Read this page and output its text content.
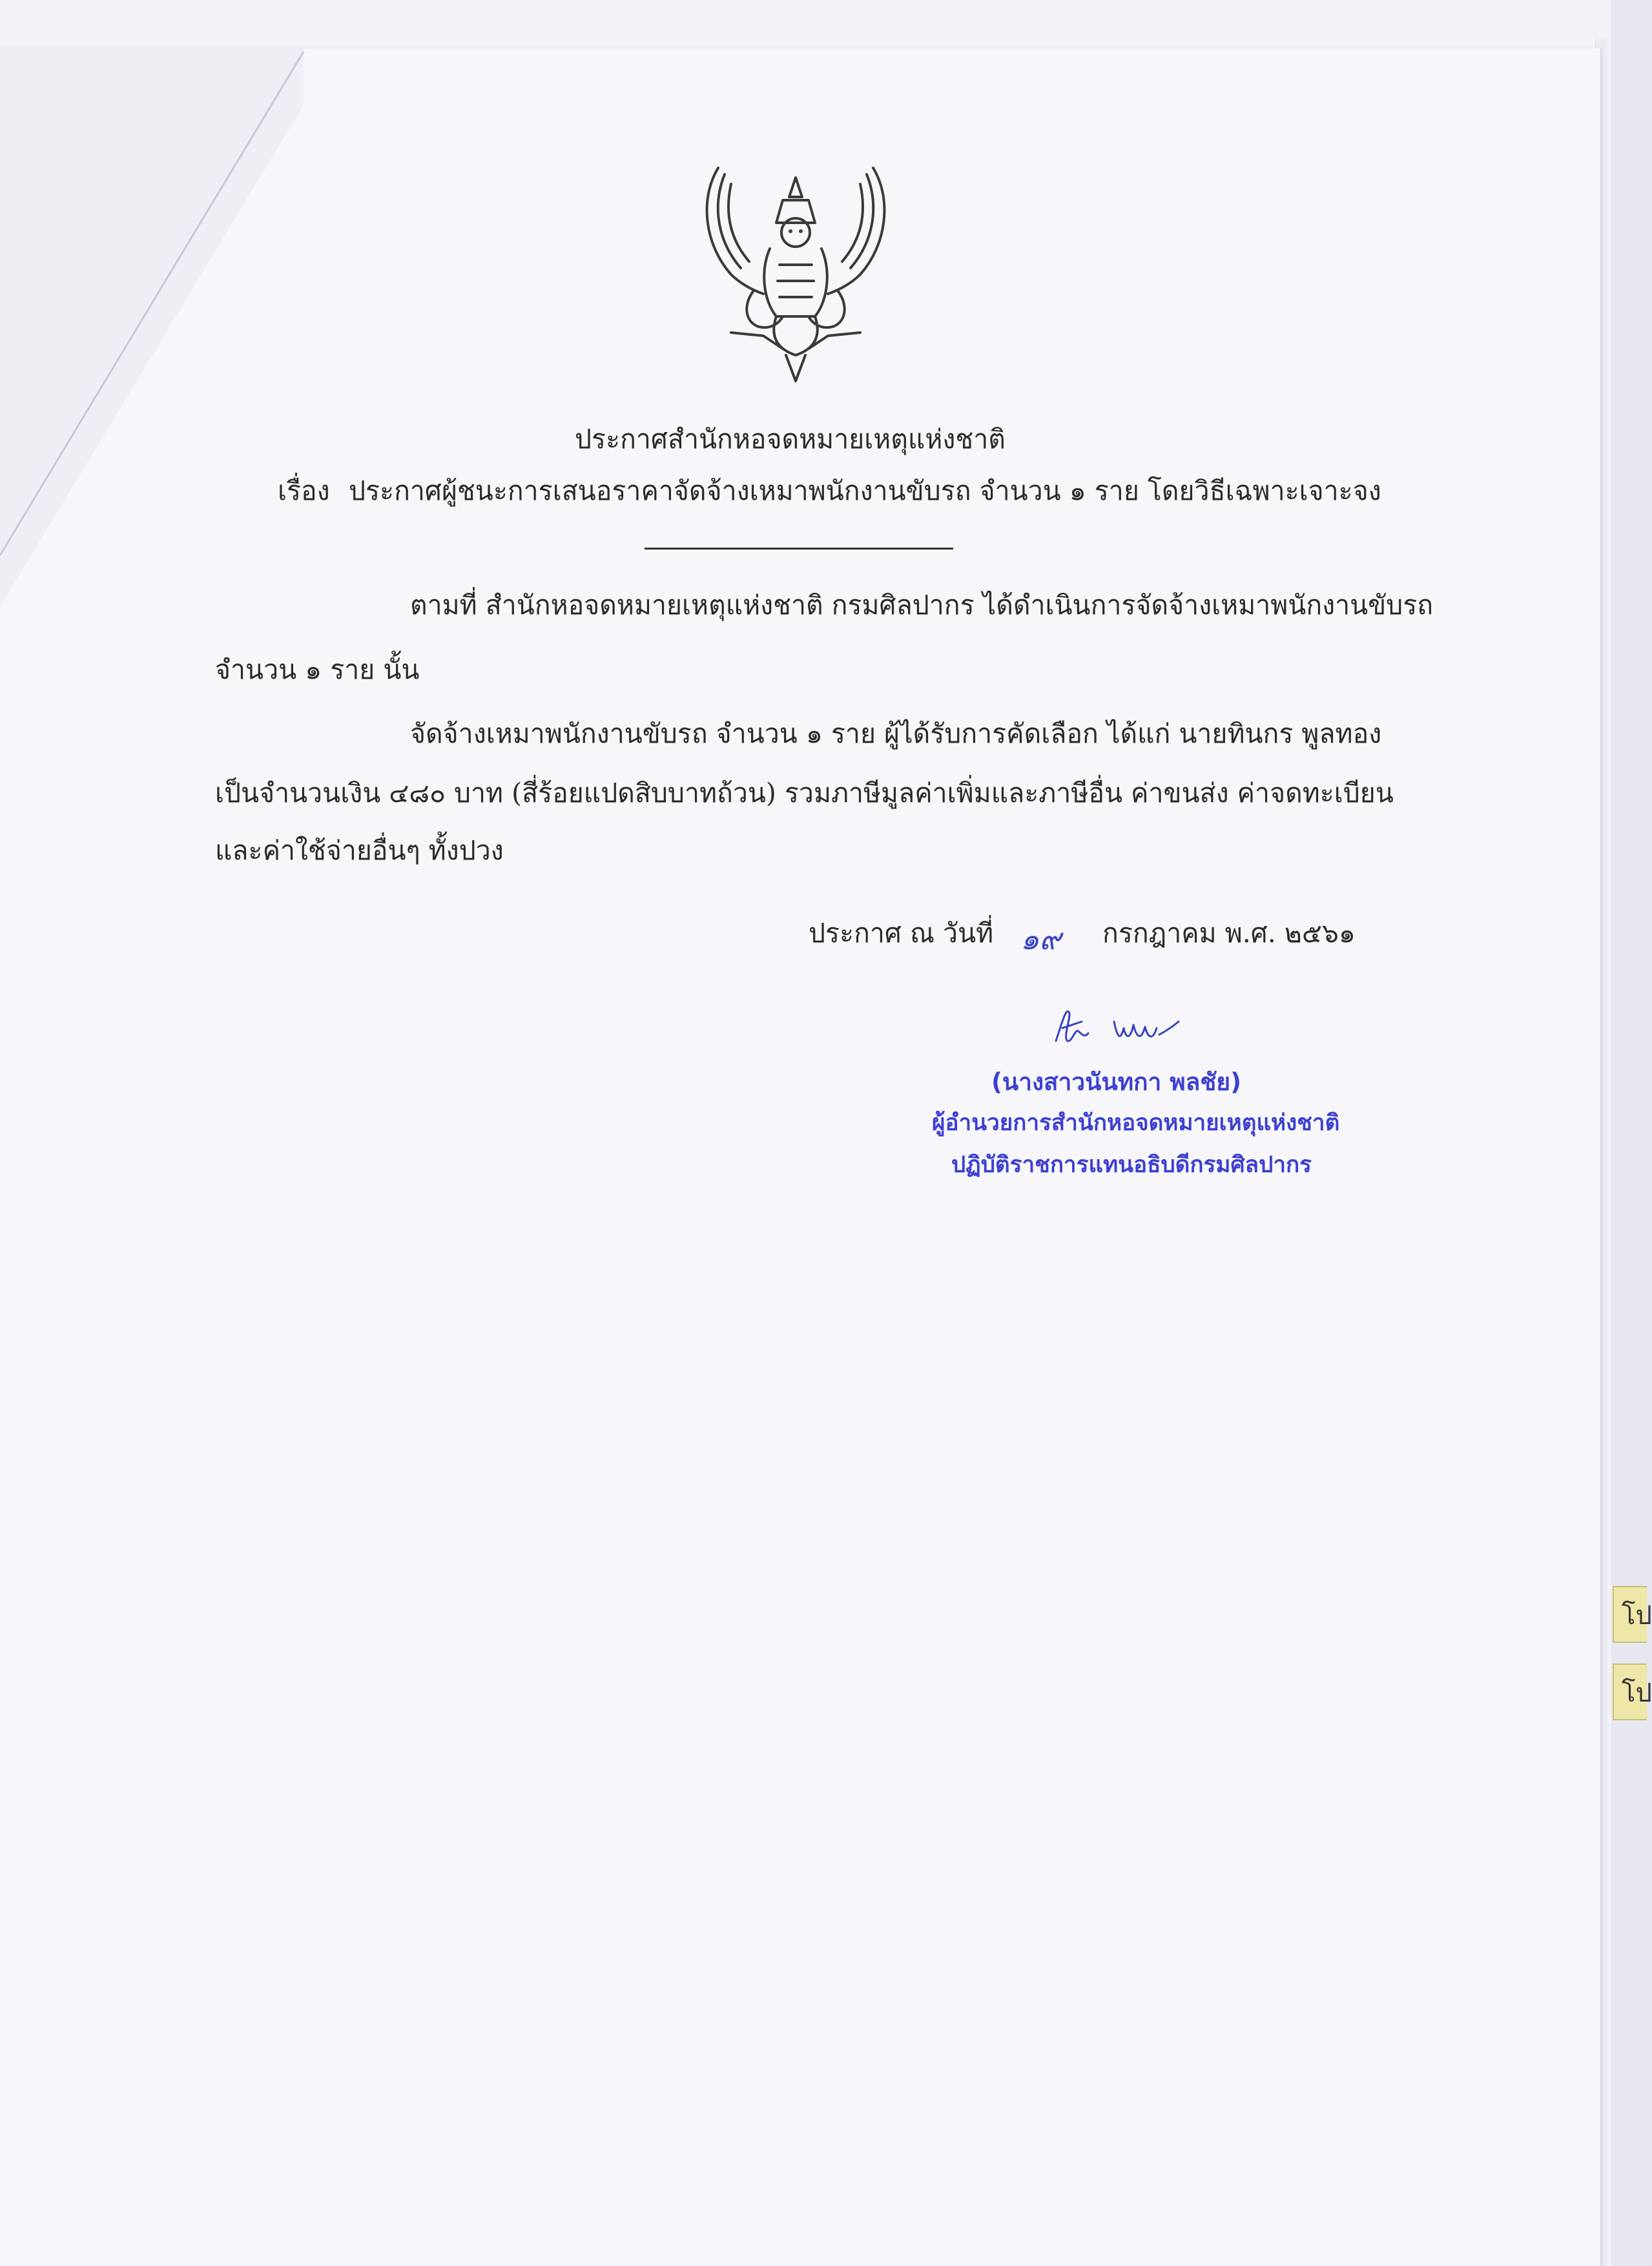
โป
โป
ประกาศสำนักหอจดหมายเหตุแห่งชาติ
เรื่อง ประกาศผู้ชนะการเสนอราคาจัดจ้างเหมาพนักงานขับรถ จำนวน ๑ ราย โดยวิธีเฉพาะเจาะจง
ตามที่ สำนักหอจดหมายเหตุแห่งชาติ กรมศิลปากร ได้ดำเนินการจัดจ้างเหมาพนักงานขับรถ
จำนวน ๑ ราย นั้น
จัดจ้างเหมาพนักงานขับรถ จำนวน ๑ ราย ผู้ได้รับการคัดเลือก ได้แก่ นายทินกร พูลทอง
เป็นจำนวนเงิน ๔๘๐ บาท (สี่ร้อยแปดสิบบาทถ้วน) รวมภาษีมูลค่าเพิ่มและภาษีอื่น ค่าขนส่ง ค่าจดทะเบียน
และค่าใช้จ่ายอื่นๆ ทั้งปวง
ประกาศ ณ วันที่ ๑๙ กรกฎาคม พ.ศ. ๒๕๖๑
(นางสาวนันทกา พลชัย)
ผู้อำนวยการสำนักหอจดหมายเหตุแห่งชาติ
ปฏิบัติราชการแทนอธิบดีกรมศิลปากร
